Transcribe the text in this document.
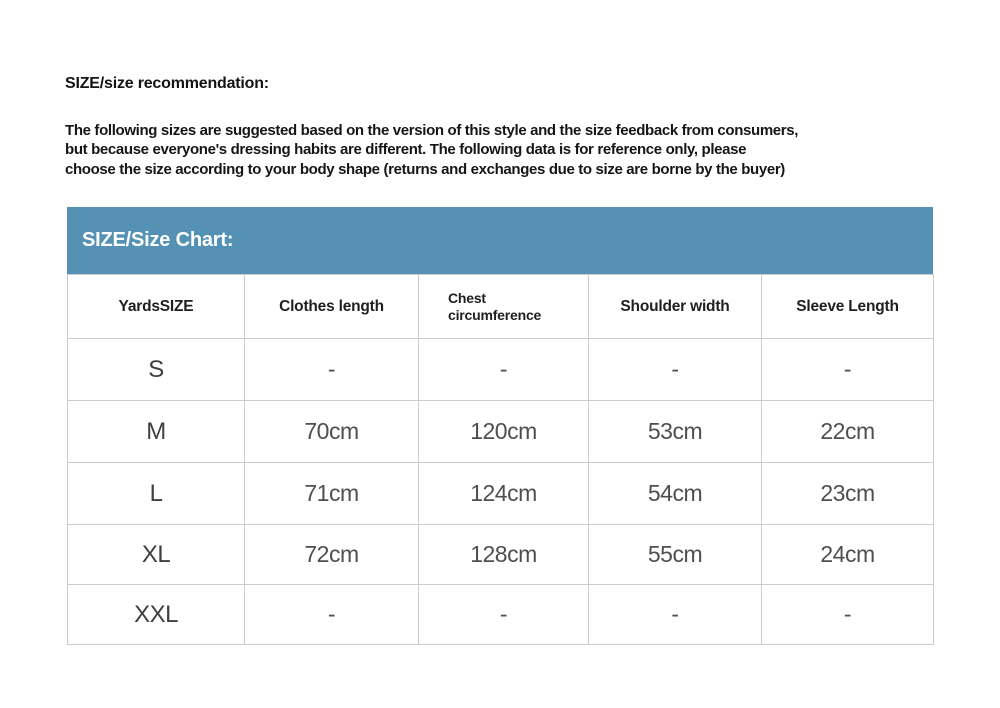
SIZE/size recommendation:
The following sizes are suggested based on the version of this style and the size feedback from consumers,
but because everyone's dressing habits are different. The following data is for reference only, please
choose the size according to your body shape (returns and exchanges due to size are borne by the buyer)
SIZE/Size Chart:
YardsSIZE	Clothes length	Chest circumference	Shoulder width	Sleeve Length
S	-	-	-	-
M	70cm	120cm	53cm	22cm
L	71cm	124cm	54cm	23cm
XL	72cm	128cm	55cm	24cm
XXL	-	-	-	-
